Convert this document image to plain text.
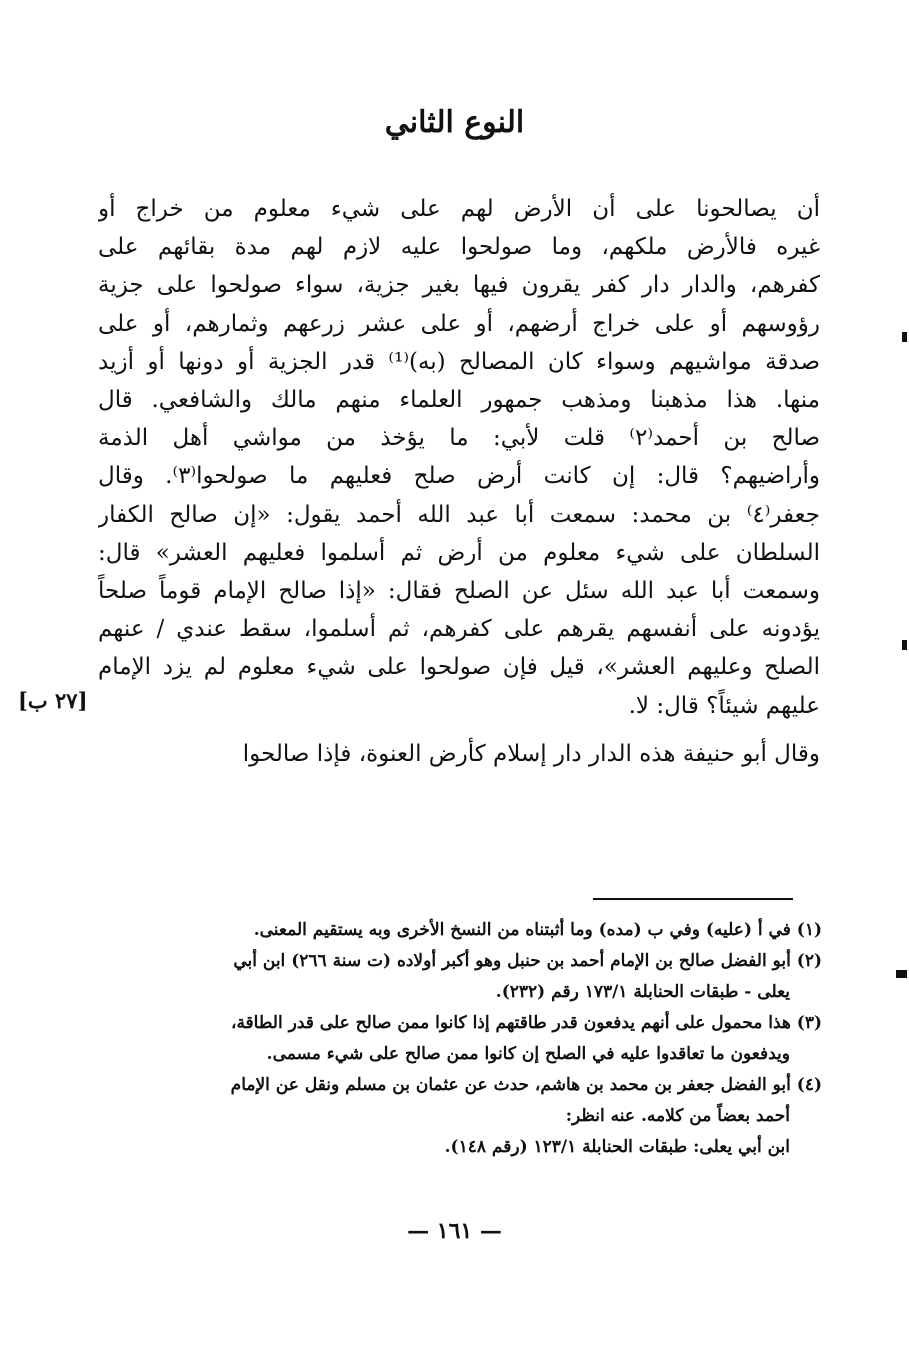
النوع الثاني
أن يصالحونا على أن الأرض لهم على شيء معلوم من خراج أو
غيره فالأرض ملكهم، وما صولحوا عليه لازم لهم مدة بقائهم على
كفرهم، والدار دار كفر يقرون فيها بغير جزية، سواء صولحوا على جزية
رؤوسهم أو على خراج أرضهم، أو على عشر زرعهم وثمارهم، أو على
صدقة مواشيهم وسواء كان المصالح (به)⁽¹⁾ قدر الجزية أو دونها أو أزيد
منها. هذا مذهبنا ومذهب جمهور العلماء منهم مالك والشافعي. قال
صالح بن أحمد⁽٢⁾ قلت لأبي: ما يؤخذ من مواشي أهل الذمة
وأراضيهم؟ قال: إن كانت أرض صلح فعليهم ما صولحوا⁽٣⁾. وقال
جعفر⁽٤⁾ بن محمد: سمعت أبا عبد الله أحمد يقول: «إن صالح الكفار
السلطان على شيء معلوم من أرض ثم أسلموا فعليهم العشر» قال:
وسمعت أبا عبد الله سئل عن الصلح فقال: «إذا صالح الإمام قوماً صلحاً
يؤدونه على أنفسهم يقرهم على كفرهم، ثم أسلموا، سقط عندي / عنهم
الصلح وعليهم العشر»، قيل فإن صولحوا على شيء معلوم لم يزد الإمام
عليهم شيئاً؟ قال: لا.
وقال أبو حنيفة هذه الدار دار إسلام كأرض العنوة، فإذا صالحوا
[٢٧ ب]
(١) في أ (عليه) وفي ب (مده) وما أثبتناه من النسخ الأخرى وبه يستقيم المعنى.
(٢) أبو الفضل صالح بن الإمام أحمد بن حنبل وهو أكبر أولاده (ت سنة ٢٦٦) ابن أبي
يعلى - طبقات الحنابلة ١٧٣/١ رقم (٢٣٢).
(٣) هذا محمول على أنهم يدفعون قدر طاقتهم إذا كانوا ممن صالح على قدر الطاقة،
ويدفعون ما تعاقدوا عليه في الصلح إن كانوا ممن صالح على شيء مسمى.
(٤) أبو الفضل جعفر بن محمد بن هاشم، حدث عن عثمان بن مسلم ونقل عن الإمام
أحمد بعضاً من كلامه. عنه انظر:
ابن أبي يعلى: طبقات الحنابلة ١٢٣/١ (رقم ١٤٨).
— ١٦١ —
